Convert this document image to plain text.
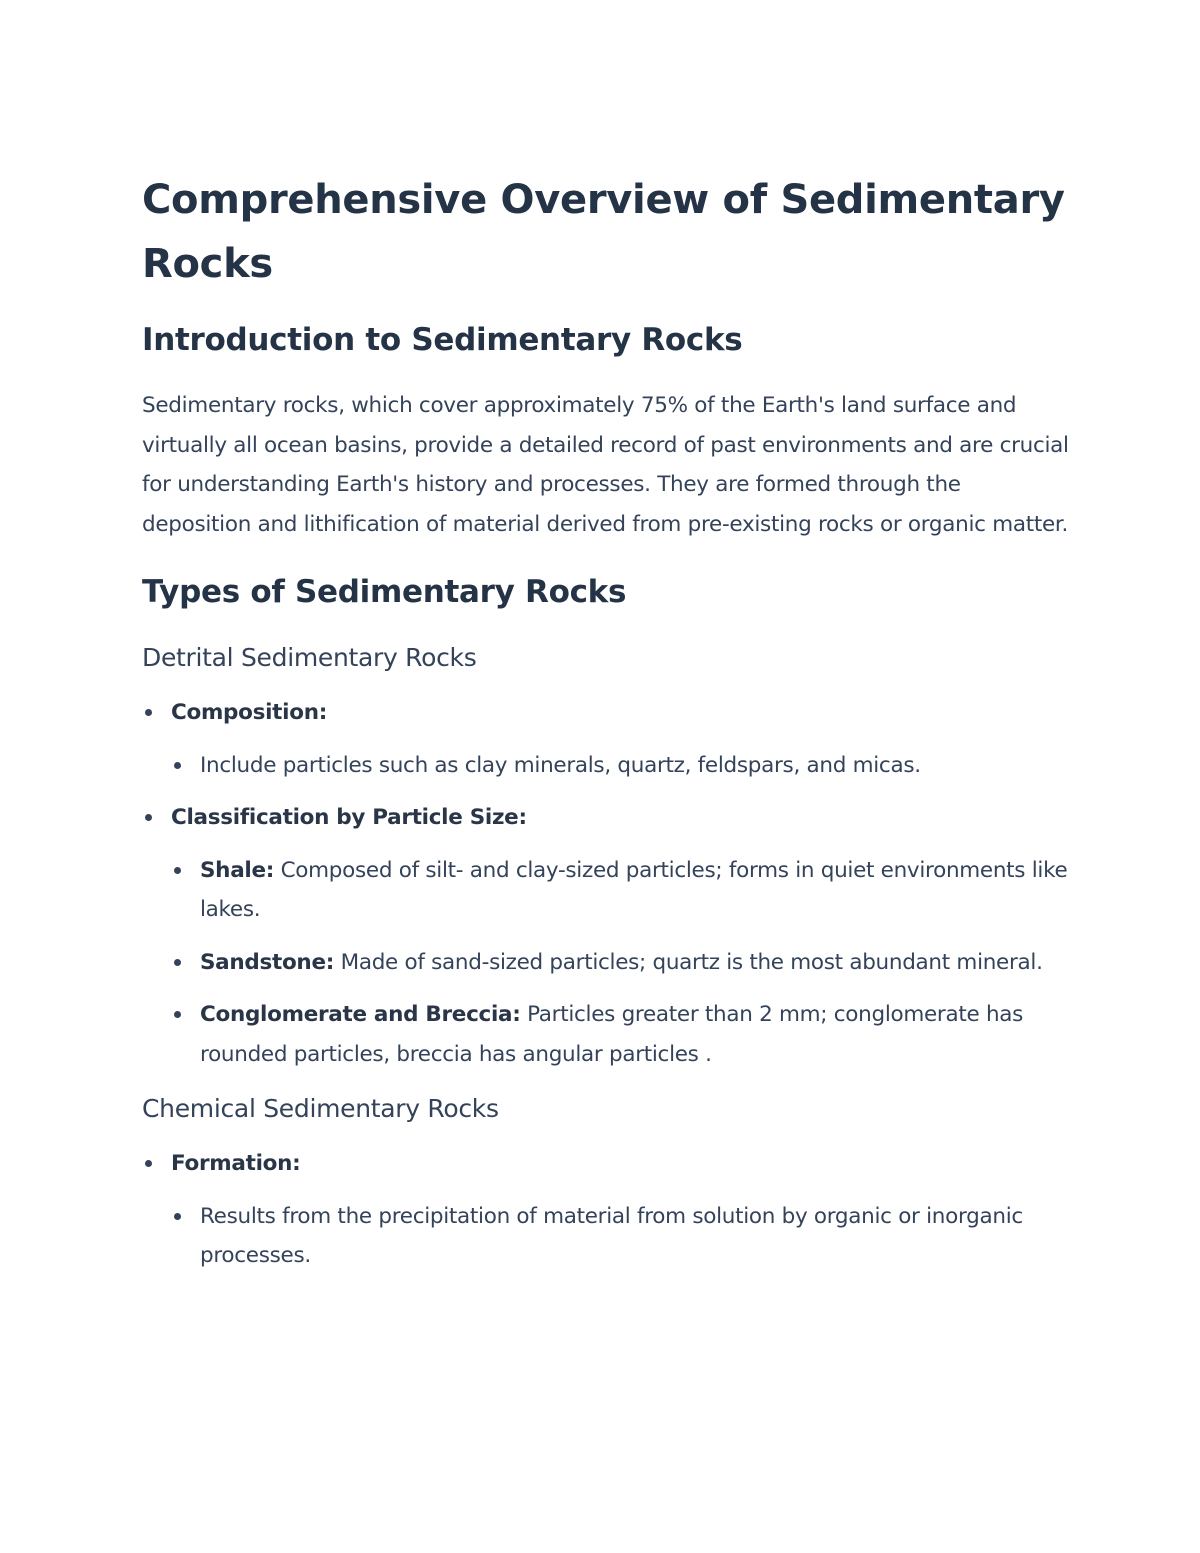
Comprehensive Overview of Sedimentary Rocks
Introduction to Sedimentary Rocks

Sedimentary rocks, which cover approximately 75% of the Earth's land surface and virtually all ocean basins, provide a detailed record of past environments and are crucial for understanding Earth's history and processes. They are formed through the deposition and lithification of material derived from pre-existing rocks or organic matter.

Types of Sedimentary Rocks
Detrital Sedimentary Rocks
Composition:
Include particles such as clay minerals, quartz, feldspars, and micas.
Classification by Particle Size:
Shale: Composed of silt- and clay-sized particles; forms in quiet environments like lakes.
Sandstone: Made of sand-sized particles; quartz is the most abundant mineral.
Conglomerate and Breccia: Particles greater than 2 mm; conglomerate has rounded particles, breccia has angular particles .
Chemical Sedimentary Rocks
Formation:
Results from the precipitation of material from solution by organic or inorganic processes.
